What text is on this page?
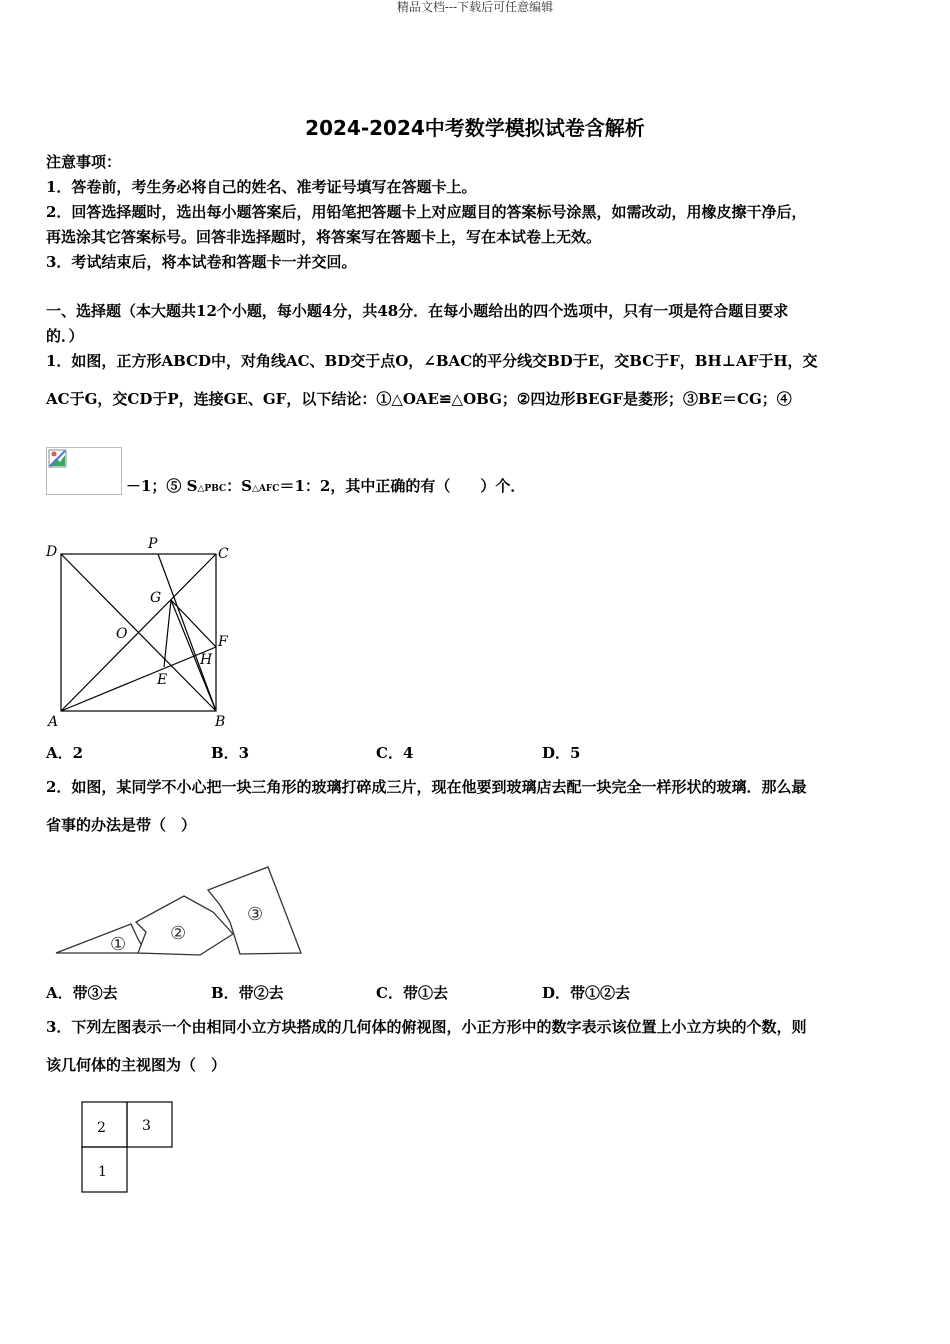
精品文档---下载后可任意编辑
2024-2024中考数学模拟试卷含解析
注意事项：
1．答卷前，考生务必将自己的姓名、准考证号填写在答题卡上。
2．回答选择题时，选出每小题答案后，用铅笔把答题卡上对应题目的答案标号涂黑，如需改动，用橡皮擦干净后，
再选涂其它答案标号。回答非选择题时，将答案写在答题卡上，写在本试卷上无效。
3．考试结束后，将本试卷和答题卡一并交回。
一、选择题（本大题共12个小题，每小题4分，共48分．在每小题给出的四个选项中，只有一项是符合题目要求
的．）
1．如图，正方形ABCD中，对角线AC、BD交于点O，∠BAC的平分线交BD于E，交BC于F，BH⊥AF于H，交
AC于G，交CD于P，连接GE、GF，以下结论：①△OAE≌△OBG；②四边形BEGF是菱形；③BE＝CG；④
－1；⑤ S△PBC：S△AFC＝1：2，其中正确的有（　　）个．
D	P
C
G
O	F
H
E
A	B
A．2	B．3	C．4	D．5
2．如图，某同学不小心把一块三角形的玻璃打碎成三片，现在他要到玻璃店去配一块完全一样形状的玻璃．那么最
省事的办法是带（　）
①
②
③
A．带③去	B．带②去	C．带①去	D．带①②去
3．下列左图表示一个由相同小立方块搭成的几何体的俯视图，小正方形中的数字表示该位置上小立方块的个数，则
该几何体的主视图为（　）
2	3
1
